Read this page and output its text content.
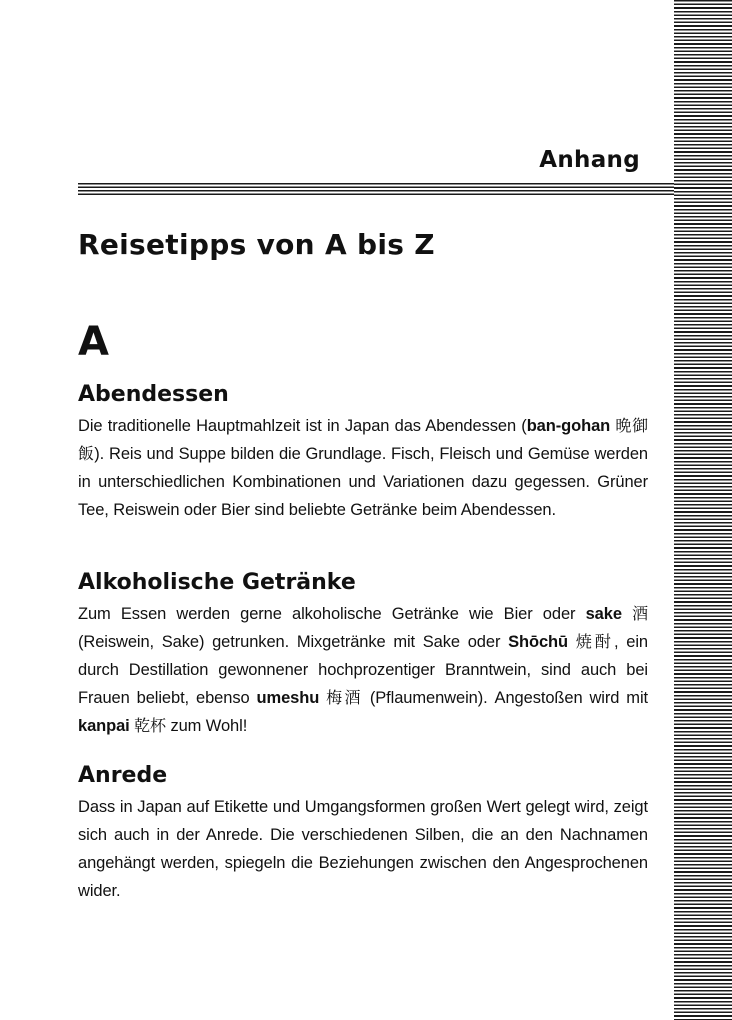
Anhang
Reisetipps von A bis Z
A
Abendessen

Die traditionelle Hauptmahlzeit ist in Japan das Abendessen (ban-gohan 晩御飯). Reis und Suppe bilden die Grundlage. Fisch, Fleisch und Gemüse werden in unterschiedlichen Kombinationen und Variationen dazu gegessen. Grüner Tee, Reiswein oder Bier sind beliebte Getränke beim Abendessen.

Alkoholische Getränke

Zum Essen werden gerne alkoholische Getränke wie Bier oder sake 酒 (Reiswein, Sake) getrunken. Mixgetränke mit Sake oder Shōchū 焼酎, ein durch Destillation gewonnener hochprozentiger Branntwein, sind auch bei Frauen beliebt, ebenso umeshu 梅酒 (Pflaumenwein). Angestoßen wird mit kanpai 乾杯 zum Wohl!

Anrede

Dass in Japan auf Etikette und Umgangsformen großen Wert gelegt wird, zeigt sich auch in der Anrede. Die verschiedenen Silben, die an den Nachnamen angehängt werden, spiegeln die Beziehungen zwischen den Angesprochenen wider.
